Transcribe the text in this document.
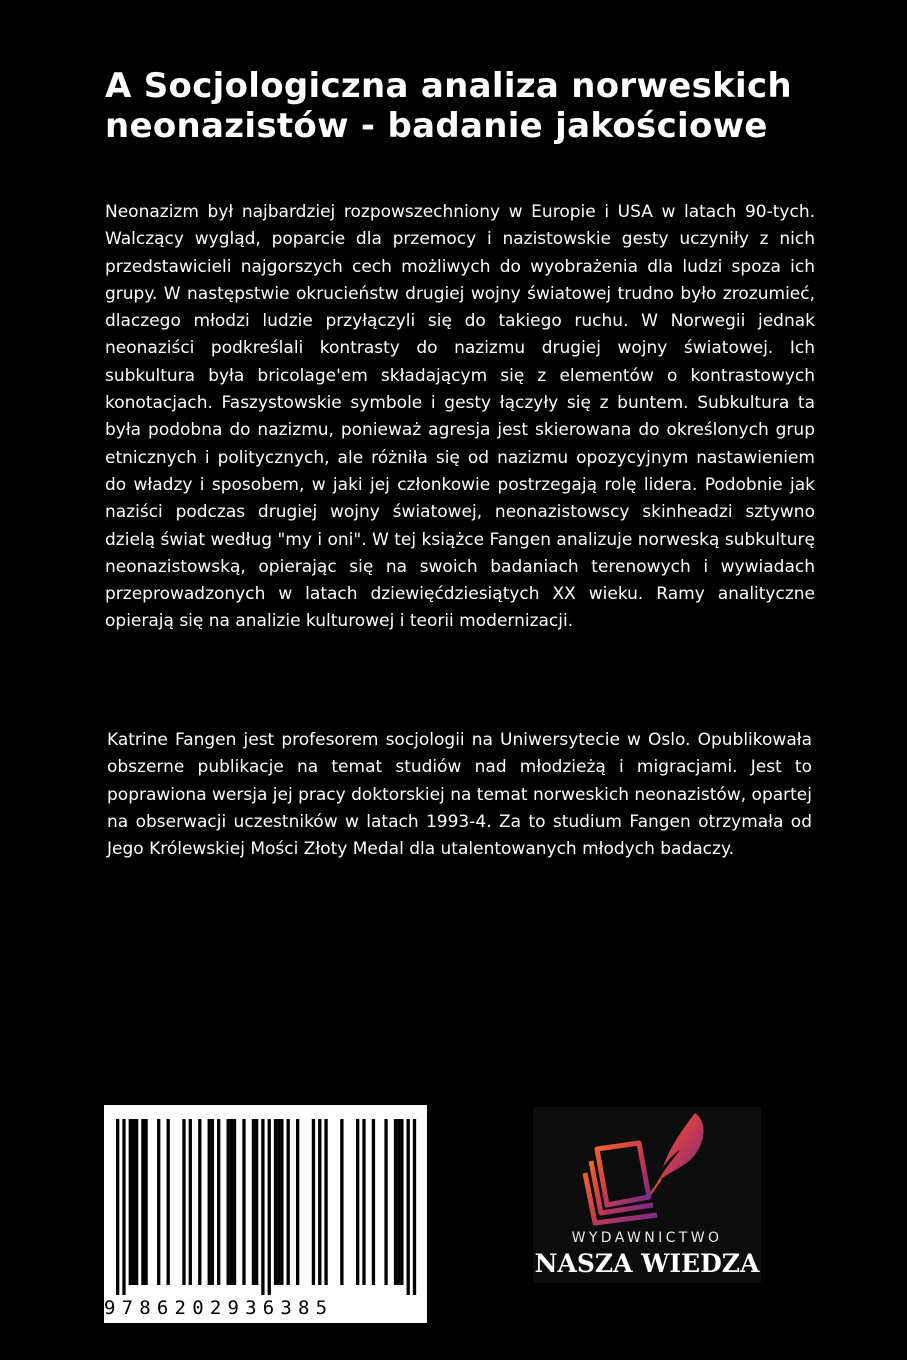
A Socjologiczna analiza norweskich neonazistów - badanie jakościowe

Neonazizm był najbardziej rozpowszechniony w Europie i USA w latach 90-tych. Walczący wygląd, poparcie dla przemocy i nazistowskie gesty uczyniły z nich przedstawicieli najgorszych cech możliwych do wyobrażenia dla ludzi spoza ich grupy. W następstwie okrucieństw drugiej wojny światowej trudno było zrozumieć, dlaczego młodzi ludzie przyłączyli się do takiego ruchu. W Norwegii jednak neonaziści podkreślali kontrasty do nazizmu drugiej wojny światowej. Ich subkultura była bricolage'em składającym się z elementów o kontrastowych konotacjach. Faszystowskie symbole i gesty łączyły się z buntem. Subkultura ta była podobna do nazizmu, ponieważ agresja jest skierowana do określonych grup etnicznych i politycznych, ale różniła się od nazizmu opozycyjnym nastawieniem do władzy i sposobem, w jaki jej członkowie postrzegają rolę lidera. Podobnie jak naziści podczas drugiej wojny światowej, neonazistowscy skinheadzi sztywno dzielą świat według "my i oni". W tej książce Fangen analizuje norweską subkulturę neonazistowską, opierając się na swoich badaniach terenowych i wywiadach przeprowadzonych w latach dziewięćdziesiątych XX wieku. Ramy analityczne opierają się na analizie kulturowej i teorii modernizacji.

Katrine Fangen jest profesorem socjologii na Uniwersytecie w Oslo. Opublikowała obszerne publikacje na temat studiów nad młodzieżą i migracjami. Jest to poprawiona wersja jej pracy doktorskiej na temat norweskich neonazistów, opartej na obserwacji uczestników w latach 1993-4. Za to studium Fangen otrzymała od Jego Królewskiej Mości Złoty Medal dla utalentowanych młodych badaczy.

9786202936385
WYDAWNICTWO
NASZA WIEDZA
